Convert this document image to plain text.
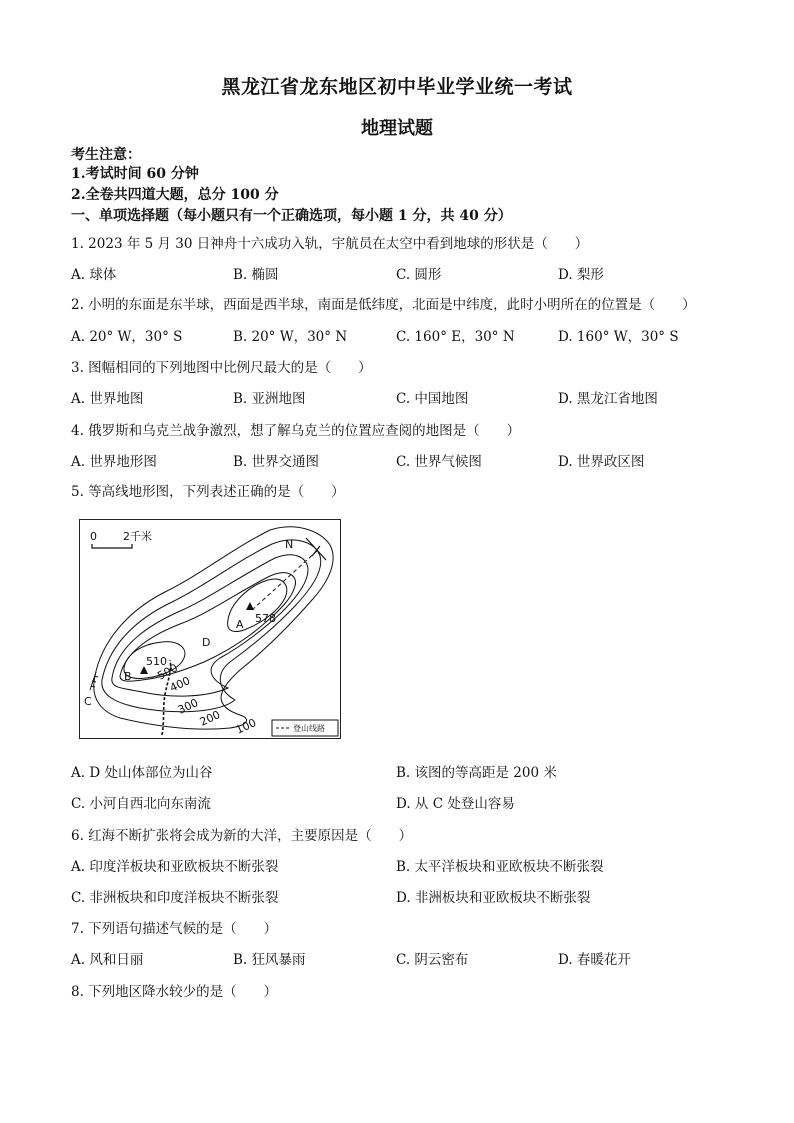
黑龙江省龙东地区初中毕业学业统一考试
地理试题
考生注意：
1.考试时间 60 分钟
2.全卷共四道大题，总分 100 分
一、单项选择题（每小题只有一个正确选项，每小题 1 分，共 40 分）
1. 2023 年 5 月 30 日神舟十六成功入轨，宇航员在太空中看到地球的形状是（　　）
A. 球体	B. 椭圆	C. 圆形	D. 梨形
2. 小明的东面是东半球，西面是西半球，南面是低纬度，北面是中纬度，此时小明所在的位置是（　　）
A. 20° W，30° S	B. 20° W，30° N	C. 160° E，30° N	D. 160° W，30° S
3. 图幅相同的下列地图中比例尺最大的是（　　）
A. 世界地图	B. 亚洲地图	C. 中国地图	D. 黑龙江省地图
4. 俄罗斯和乌克兰战争激烈，想了解乌克兰的位置应查阅的地图是（　　）
A. 世界地形图	B. 世界交通图	C. 世界气候图	D. 世界政区图
5. 等高线地形图，下列表述正确的是（　　）
0 2千米
N
A 578
B
510
C
D
500
400
300
200 100	登山线路
A. D 处山体部位为山谷	B. 该图的等高距是 200 米
C. 小河自西北向东南流	D. 从 C 处登山容易
6. 红海不断扩张将会成为新的大洋，主要原因是（　　）
A. 印度洋板块和亚欧板块不断张裂	B. 太平洋板块和亚欧板块不断张裂
C. 非洲板块和印度洋板块不断张裂	D. 非洲板块和亚欧板块不断张裂
7. 下列语句描述气候的是（　　）
A. 风和日丽	B. 狂风暴雨	C. 阴云密布	D. 春暖花开
8. 下列地区降水较少的是（　　）
